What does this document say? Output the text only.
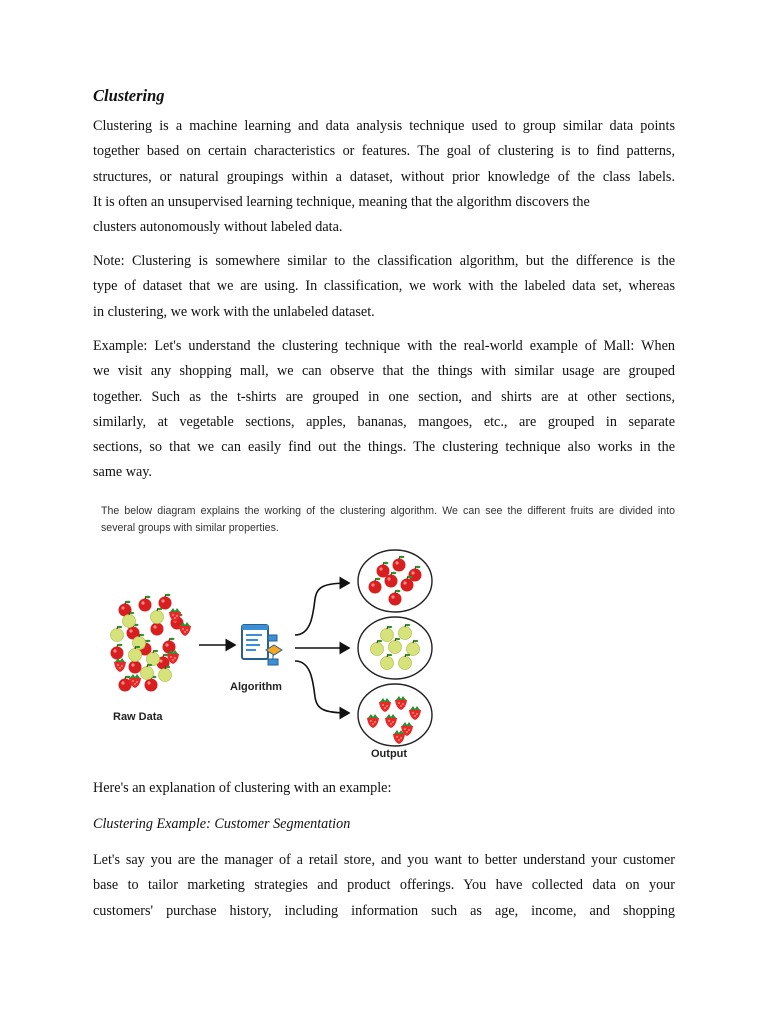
Clustering
Clustering is a machine learning and data analysis technique used to group similar data points
together based on certain characteristics or features. The goal of clustering is to find patterns,
structures, or natural groupings within a dataset, without prior knowledge of the class labels.
It is often an unsupervised learning technique, meaning that the algorithm discovers the
clusters autonomously without labeled data.
Note: Clustering is somewhere similar to the classification algorithm, but the difference is the
type of dataset that we are using. In classification, we work with the labeled data set, whereas
in clustering, we work with the unlabeled dataset.
Example: Let's understand the clustering technique with the real-world example of Mall: When
we visit any shopping mall, we can observe that the things with similar usage are grouped
together. Such as the t-shirts are grouped in one section, and shirts are at other sections,
similarly, at vegetable sections, apples, bananas, mangoes, etc., are grouped in separate
sections, so that we can easily find out the things. The clustering technique also works in the
same way.
The below diagram explains the working of the clustering algorithm. We can see the different fruits are divided into
several groups with similar properties.
Raw Data
Algorithm
Output
Here's an explanation of clustering with an example:
Clustering Example: Customer Segmentation
Let's say you are the manager of a retail store, and you want to better understand your customer
base to tailor marketing strategies and product offerings. You have collected data on your
customers' purchase history, including information such as age, income, and shopping
